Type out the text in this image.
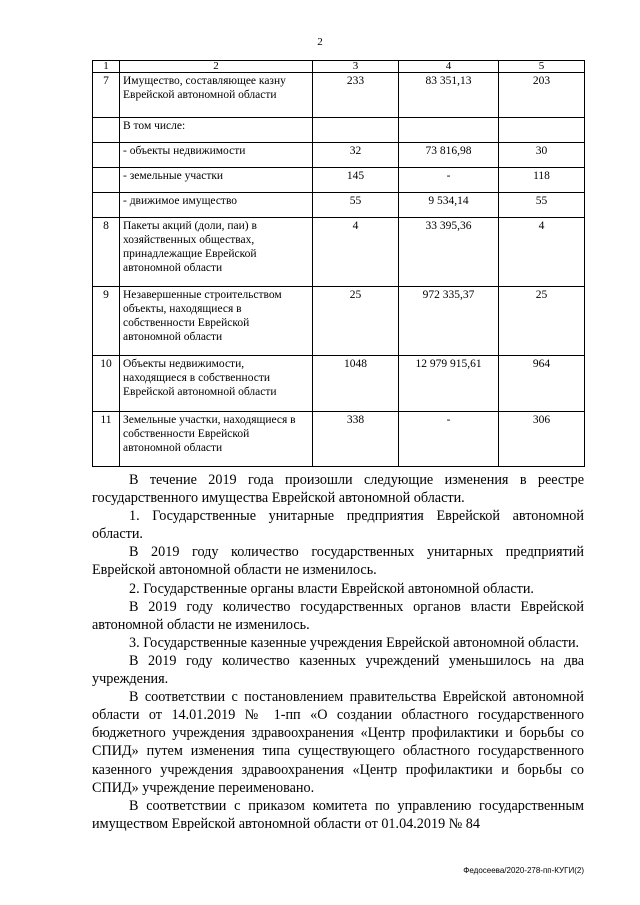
2
1	2	3	4	5
7	Имущество, составляющее казну Еврейской автономной области	233	83 351,13	203
	В том числе:			
	- объекты недвижимости	32	73 816,98	30
	- земельные участки	145	-	118
	- движимое имущество	55	9 534,14	55
8	Пакеты акций (доли, паи) в хозяйственных обществах, принадлежащие Еврейской автономной области	4	33 395,36	4
9	Незавершенные строительством объекты, находящиеся в собственности Еврейской автономной области	25	972 335,37	25
10	Объекты недвижимости, находящиеся в собственности Еврейской автономной области	1048	12 979 915,61	964
11	Земельные участки, находящиеся в собственности Еврейской автономной области	338	-	306

В течение 2019 года произошли следующие изменения в реестре государственного имущества Еврейской автономной области.

1. Государственные унитарные предприятия Еврейской автономной области.

В 2019 году количество государственных унитарных предприятий Еврейской автономной области не изменилось.

2. Государственные органы власти Еврейской автономной области.

В 2019 году количество государственных органов власти Еврейской автономной области не изменилось.

3. Государственные казенные учреждения Еврейской автономной области.

В 2019 году количество казенных учреждений уменьшилось на два учреждения.

В соответствии с постановлением правительства Еврейской автономной области от 14.01.2019 № 1-пп «О создании областного государственного бюджетного учреждения здравоохранения «Центр профилактики и борьбы со СПИД» путем изменения типа существующего областного государственного казенного учреждения здравоохранения «Центр профилактики и борьбы со СПИД» учреждение переименовано.

В соответствии с приказом комитета по управлению государственным имуществом Еврейской автономной области от 01.04.2019 № 84

Федосеева/2020-278-пп-КУГИ(2)
